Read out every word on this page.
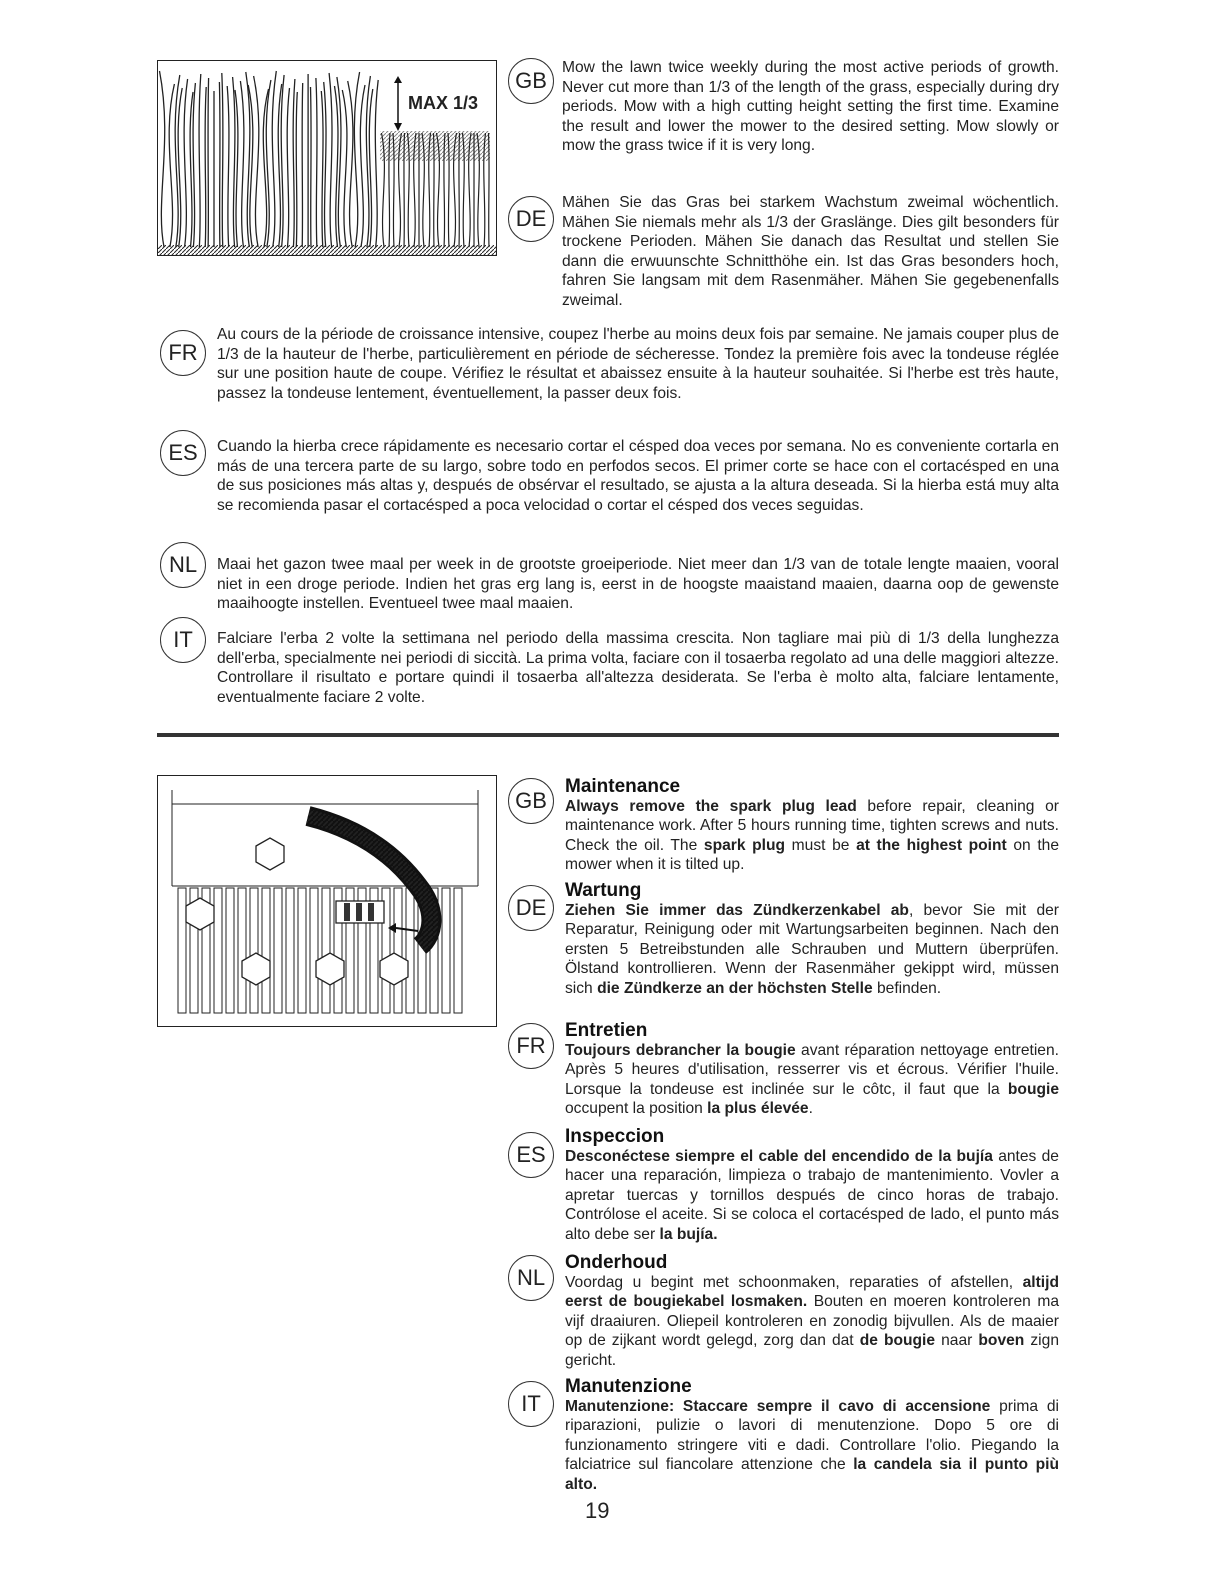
MAX 1/3
GB

Mow the lawn twice weekly during the most active periods of growth. Never cut more than 1/3 of the length of the grass, especially during dry periods. Mow with a high cutting height setting the first time. Examine the result and lower the mower to the desired setting. Mow slowly or mow the grass twice if it is very long.

DE

Mähen Sie das Gras bei starkem Wachstum zweimal wöchentlich. Mähen Sie niemals mehr als 1/3 der Graslänge. Dies gilt besonders für trockene Perioden. Mähen Sie danach das Resultat und stellen Sie dann die erwuunschte Schnitthöhe ein. Ist das Gras besonders hoch, fahren Sie langsam mit dem Rasenmäher. Mähen Sie gegebenenfalls zweimal.

FR

Au cours de la période de croissance intensive, coupez l'herbe au moins deux fois par semaine. Ne jamais couper plus de 1/3 de la hauteur de l'herbe, particulièrement en période de sécheresse. Tondez la première fois avec la tondeuse réglée sur une position haute de coupe. Vérifiez le résultat et abaissez ensuite à la hauteur souhaitée. Si l'herbe est très haute, passez la tondeuse lentement, éventuellement, la passer deux fois.

ES	Cuando la hierba crece rápidamente es necesario cortar el césped doa veces por semana. No es conveniente cortarla en más de una tercera parte de su largo, sobre todo en perfodos secos. El primer corte se hace con el cortacésped en una de sus posiciones más altas y, después de obsérvar el resultado, se ajusta a la altura deseada. Si la hierba está muy alta se recomienda pasar el cortacésped a poca velocidad o cortar el césped dos veces seguidas.

NL	Maai het gazon twee maal per week in de grootste groeiperiode. Niet meer dan 1/3 van de totale lengte maaien, vooral niet in een droge periode. Indien het gras erg lang is, eerst in de hoogste maaistand maaien, daarna oop de gewenste maaihoogte instellen. Eventueel twee maal maaien.

IT	Falciare l'erba 2 volte la settimana nel periodo della massima crescita. Non tagliare mai più di 1/3 della lunghezza dell'erba, specialmente nei periodi di siccità. La prima volta, faciare con il tosaerba regolato ad una delle maggiori altezze. Controllare il risultato e portare quindi il tosaerba all'altezza desiderata. Se l'erba è molto alta, falciare lentamente, eventualmente faciare 2 volte.

GB
Maintenance

Always remove the spark plug lead before repair, cleaning or maintenance work. After 5 hours running time, tighten screws and nuts. Check the oil. The spark plug must be at the highest point on the mower when it is tilted up.

DE
Wartung

Ziehen Sie immer das Zündkerzenkabel ab, bevor Sie mit der Reparatur, Reinigung oder mit Wartungsarbeiten beginnen. Nach den ersten 5 Betreibstunden alle Schrauben und Muttern überprüfen. Ölstand kontrollieren. Wenn der Rasenmäher gekippt wird, müssen sich die Zündkerze an der höchsten Stelle befinden.

FR
Entretien

Toujours debrancher la bougie avant réparation nettoyage entretien. Après 5 heures d'utilisation, resserrer vis et écrous. Vérifier l'huile. Lorsque la tondeuse est inclinée sur le côtc, il faut que la bougie occupent la position la plus élevée.

ES
Inspeccion

Desconéctese siempre el cable del encendido de la bujía antes de hacer una reparación, limpieza o trabajo de mantenimiento. Vovler a apretar tuercas y tornillos después de cinco horas de trabajo. Contrólose el aceite. Si se coloca el cortacésped de lado, el punto más alto debe ser la bujía.

NL
Onderhoud

Voordag u begint met schoonmaken, reparaties of afstellen, altijd eerst de bougiekabel losmaken. Bouten en moeren kontroleren ma vijf draaiuren. Oliepeil kontroleren en zonodig bijvullen. Als de maaier op de zijkant wordt gelegd, zorg dan dat de bougie naar boven zign gericht.

IT
Manutenzione

Manutenzione: Staccare sempre il cavo di accensione prima di riparazioni, pulizie o lavori di menutenzione. Dopo 5 ore di funzionamento stringere viti e dadi. Controllare l'olio. Piegando la falciatrice sul fiancolare attenzione che la candela sia il punto più alto.

19
